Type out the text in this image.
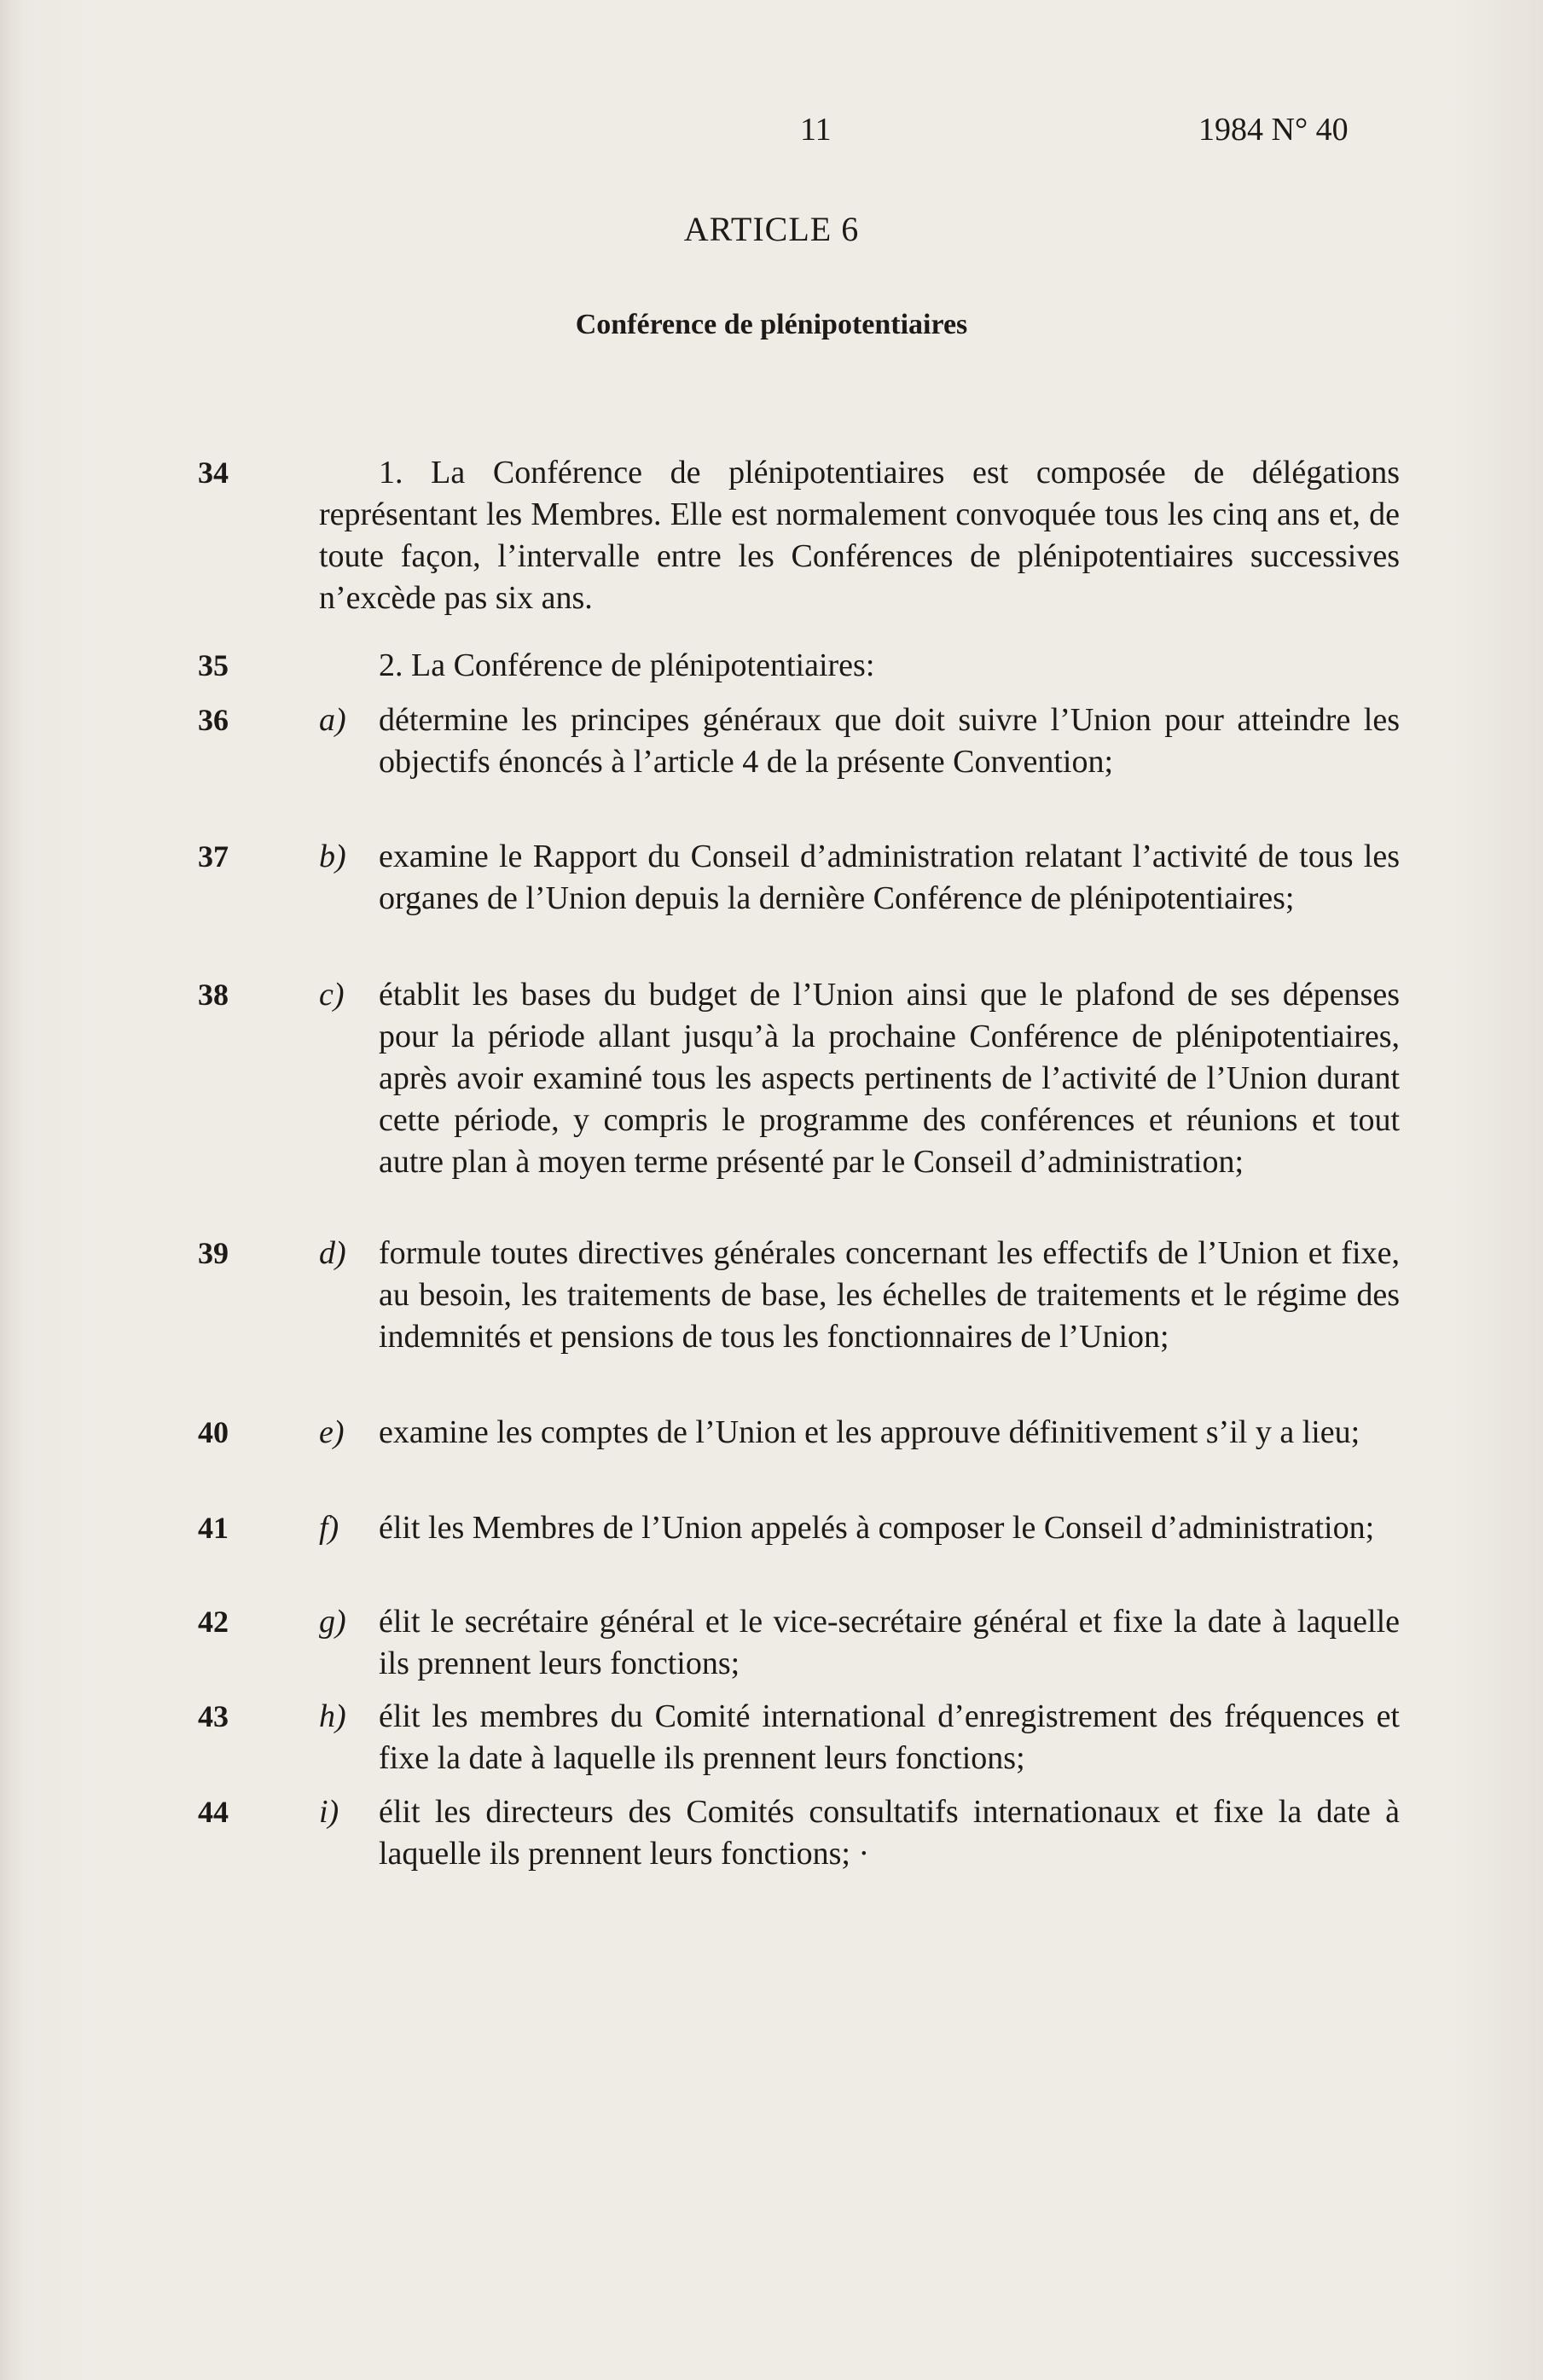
11	1984 N° 40
ARTICLE 6
Conférence de plénipotentiaires
34	1. La Conférence de plénipotentiaires est composée de délégations représentant les Membres. Elle est normalement convoquée tous les cinq ans et, de toute façon, l’intervalle entre les Conférences de plénipotentiaires successives n’excède pas six ans.
35	2. La Conférence de plénipotentiaires:
36	a) détermine les principes généraux que doit suivre l’Union pour atteindre les objectifs énoncés à l’article 4 de la présente Convention;
37	b) examine le Rapport du Conseil d’administration relatant l’activité de tous les organes de l’Union depuis la dernière Conférence de plénipotentiaires;
38	c) établit les bases du budget de l’Union ainsi que le plafond de ses dépenses pour la période allant jusqu’à la prochaine Conférence de plénipotentiaires, après avoir examiné tous les aspects pertinents de l’activité de l’Union durant cette période, y compris le programme des conférences et réunions et tout autre plan à moyen terme présenté par le Conseil d’administration;
39	d) formule toutes directives générales concernant les effectifs de l’Union et fixe, au besoin, les traitements de base, les échelles de traitements et le régime des indemnités et pensions de tous les fonctionnaires de l’Union;
40	e) examine les comptes de l’Union et les approuve définitivement s’il y a lieu;
41	f) élit les Membres de l’Union appelés à composer le Conseil d’administration;
42	g) élit le secrétaire général et le vice-secrétaire général et fixe la date à laquelle ils prennent leurs fonctions;
43	h) élit les membres du Comité international d’enregistrement des fréquences et fixe la date à laquelle ils prennent leurs fonctions;
44	i) élit les directeurs des Comités consultatifs internationaux et fixe la date à laquelle ils prennent leurs fonctions; ·
